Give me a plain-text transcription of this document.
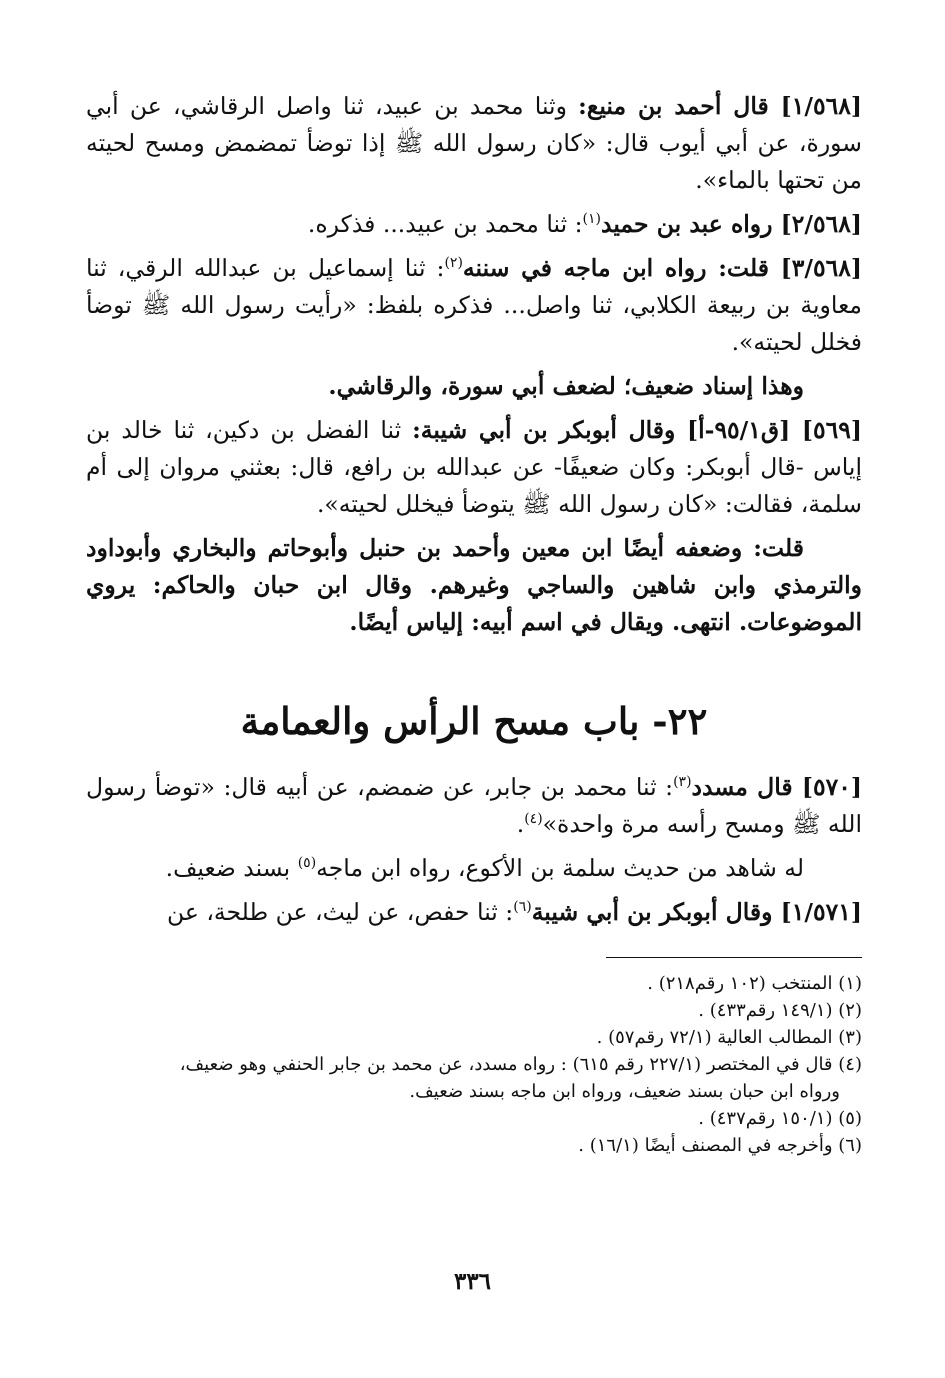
[١/٥٦٨] قال أحمد بن منيع: وثنا محمد بن عبيد، ثنا واصل الرقاشي، عن أبي سورة، عن أبي أيوب قال: «كان رسول الله ﷺ إذا توضأ تمضمض ومسح لحيته من تحتها بالماء».

[٢/٥٦٨] رواه عبد بن حميد$^{(١)}$: ثنا محمد بن عبيد... فذكره.

[٣/٥٦٨] قلت: رواه ابن ماجه في سننه$^{(٢)}$: ثنا إسماعيل بن عبدالله الرقي، ثنا معاوية بن ربيعة الكلابي، ثنا واصل... فذكره بلفظ: «رأيت رسول الله ﷺ توضأ فخلل لحيته».

وهذا إسناد ضعيف؛ لضعف أبي سورة، والرقاشي.

[٥٦٩] [ق٩٥/١-أ] وقال أبوبكر بن أبي شيبة: ثنا الفضل بن دكين، ثنا خالد بن إياس -قال أبوبكر: وكان ضعيفًا- عن عبدالله بن رافع، قال: بعثني مروان إلى أم سلمة، فقالت: «كان رسول الله ﷺ يتوضأ فيخلل لحيته».

قلت: وضعفه أيضًا ابن معين وأحمد بن حنبل وأبوحاتم والبخاري وأبوداود والترمذي وابن شاهين والساجي وغيرهم. وقال ابن حبان والحاكم: يروي الموضوعات. انتهى. ويقال في اسم أبيه: إلياس أيضًا.

٢٢- باب مسح الرأس والعمامة

[٥٧٠] قال مسدد$^{(٣)}$: ثنا محمد بن جابر، عن ضمضم، عن أبيه قال: «توضأ رسول الله ﷺ ومسح رأسه مرة واحدة»$^{(٤)}$.

له شاهد من حديث سلمة بن الأكوع، رواه ابن ماجه$^{(٥)}$ بسند ضعيف.

[١/٥٧١] وقال أبوبكر بن أبي شيبة$^{(٦)}$: ثنا حفص، عن ليث، عن طلحة، عن

(١) المنتخب (١٠٢ رقم٢١٨) .
(٢) (١٤٩/١ رقم٤٣٣) .
(٣) المطالب العالية (٧٢/١ رقم٥٧) .
(٤) قال في المختصر (٢٢٧/١ رقم ٦١٥) : رواه مسدد، عن محمد بن جابر الحنفي وهو ضعيف،
ورواه ابن حبان بسند ضعيف، ورواه ابن ماجه بسند ضعيف.
(٥) (١٥٠/١ رقم٤٣٧) .
(٦) وأخرجه في المصنف أيضًا (١٦/١) .
٣٣٦
